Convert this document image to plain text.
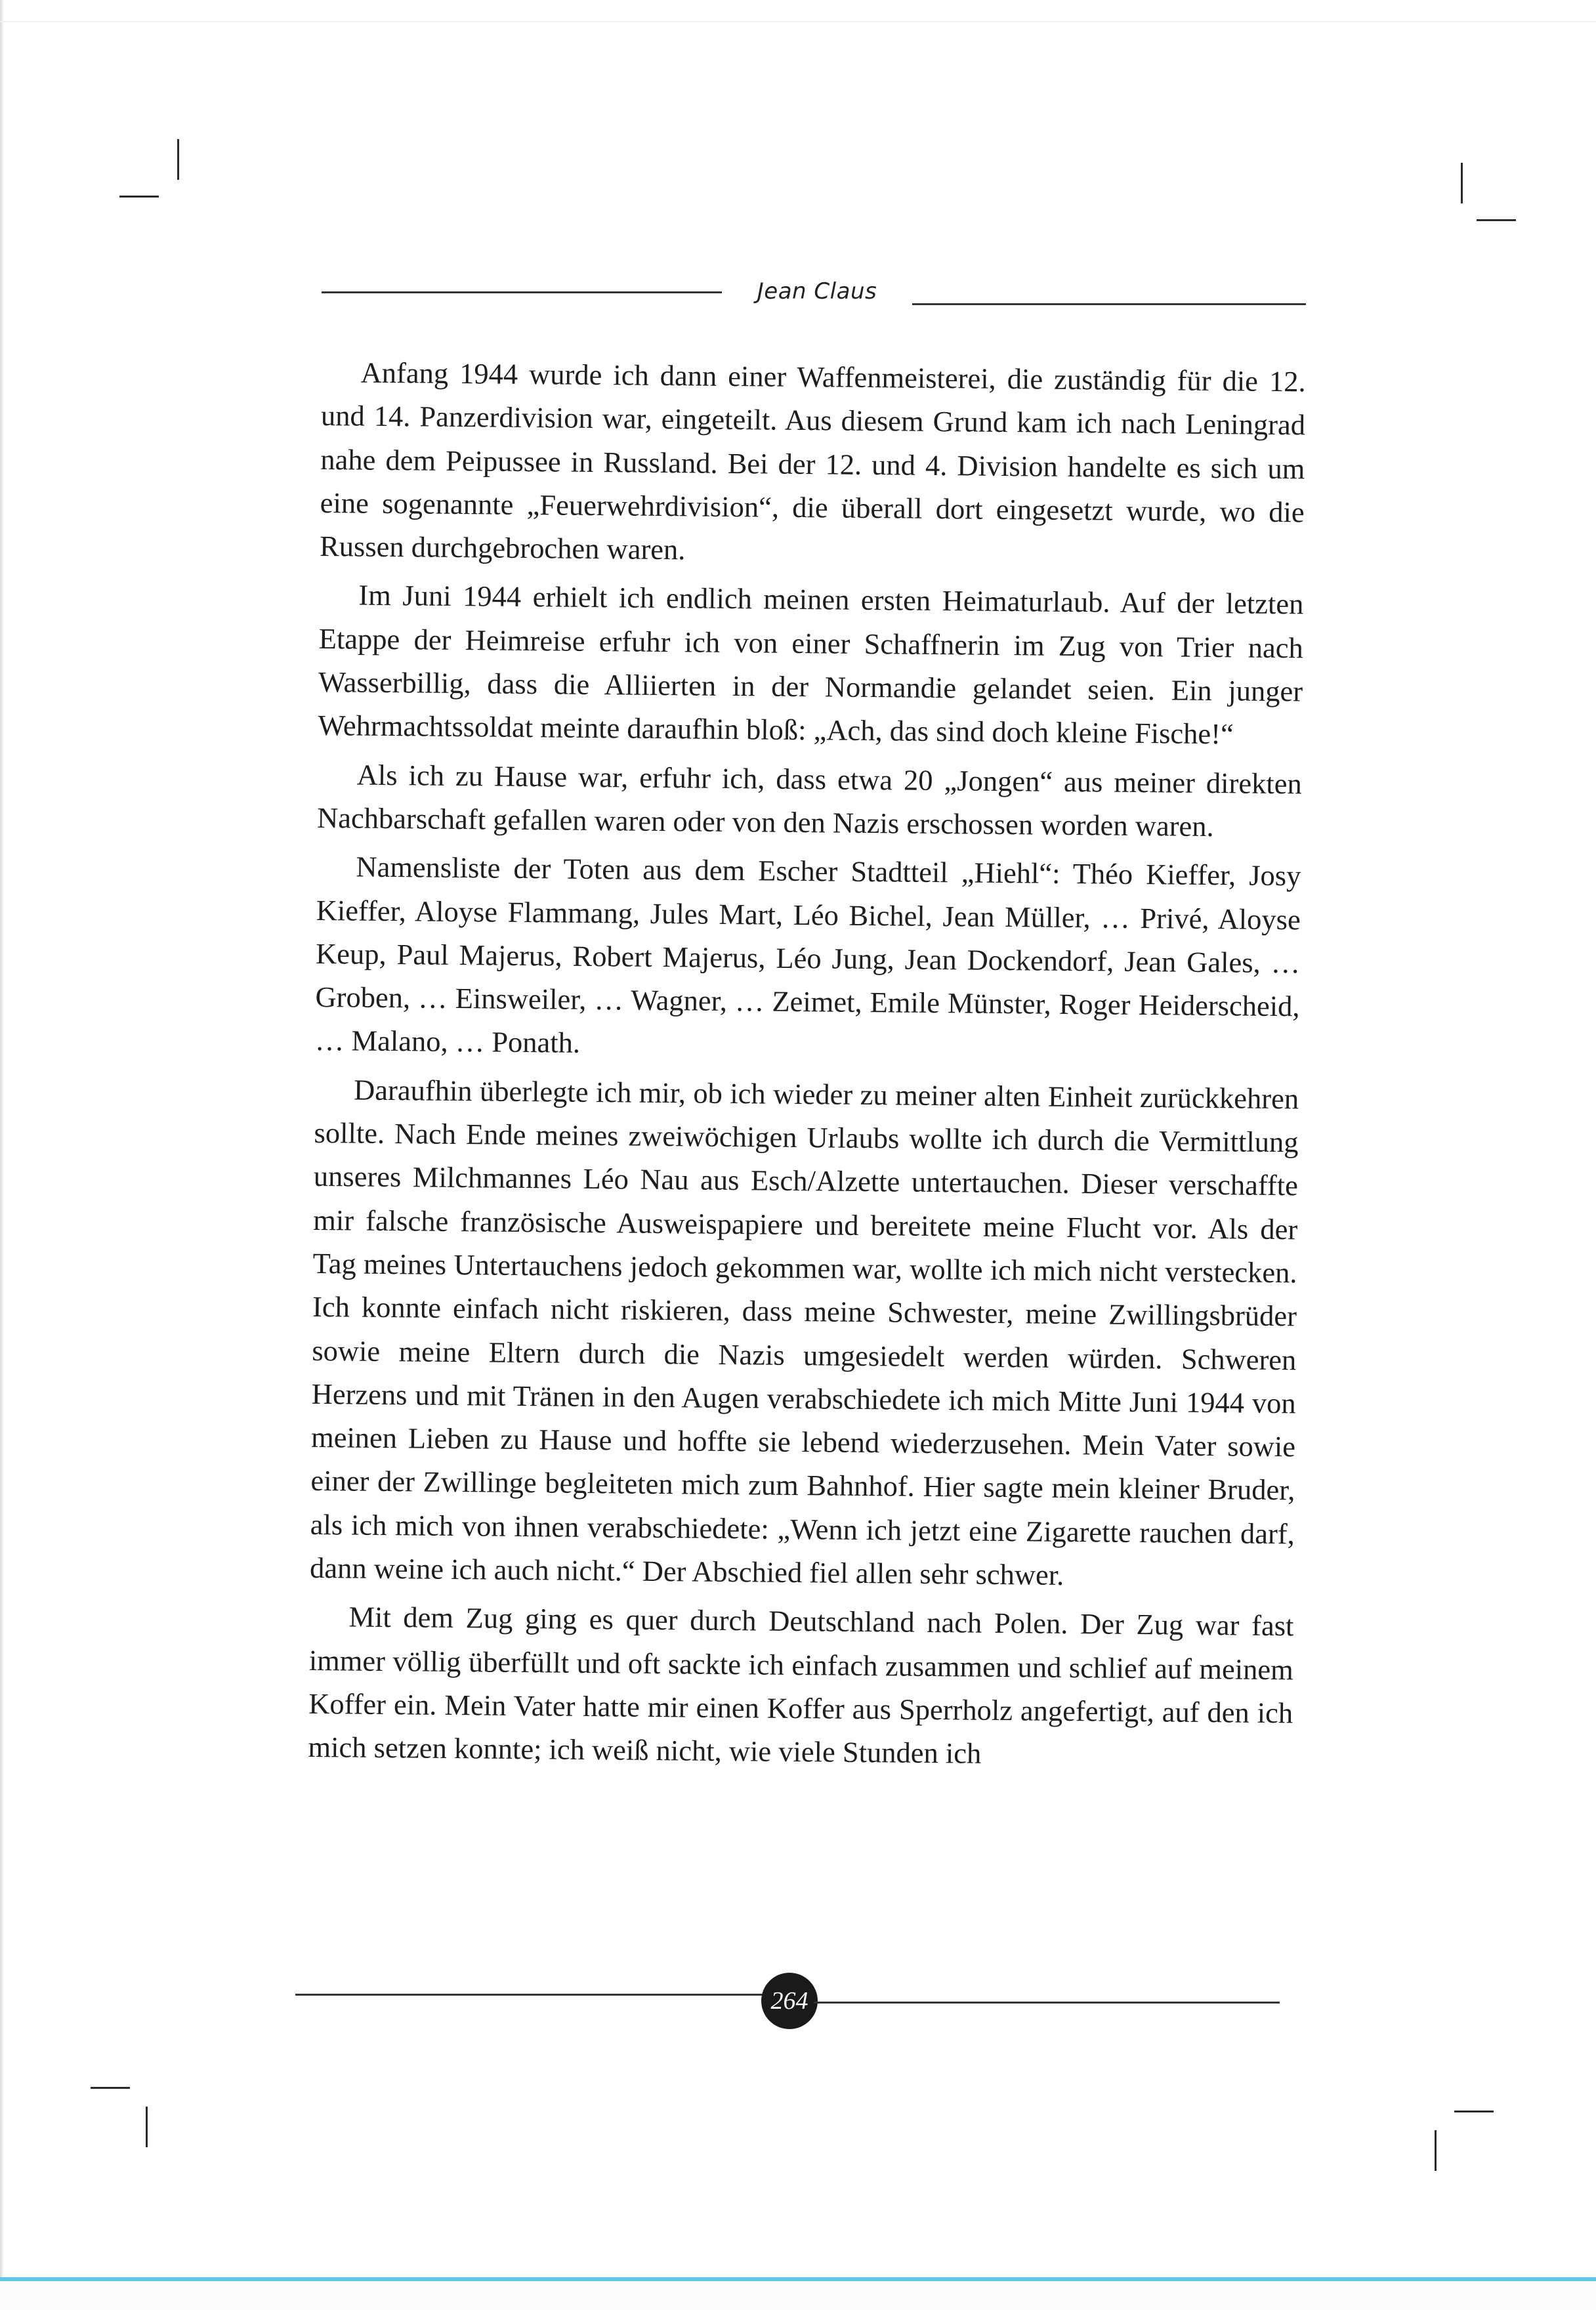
Jean Claus

Anfang 1944 wurde ich dann einer Waffenmeisterei, die zuständig für die 12. und 14. Panzerdivision war, eingeteilt. Aus diesem Grund kam ich nach Leningrad nahe dem Peipussee in Russland. Bei der 12. und 4. Division handelte es sich um eine sogenannte „Feuerwehrdivision“, die überall dort eingesetzt wurde, wo die Russen durchgebrochen waren.

Im Juni 1944 erhielt ich endlich meinen ersten Heimaturlaub. Auf der letzten Etappe der Heimreise erfuhr ich von einer Schaffnerin im Zug von Trier nach Wasserbillig, dass die Alliierten in der Normandie gelandet seien. Ein junger Wehrmachtssoldat meinte daraufhin bloß: „Ach, das sind doch kleine Fische!“

Als ich zu Hause war, erfuhr ich, dass etwa 20 „Jongen“ aus meiner direkten Nachbarschaft gefallen waren oder von den Nazis erschossen worden waren.

Namensliste der Toten aus dem Escher Stadtteil „Hiehl“: Théo Kieffer, Josy Kieffer, Aloyse Flammang, Jules Mart, Léo Bichel, Jean Müller, … Privé, Aloyse Keup, Paul Majerus, Robert Majerus, Léo Jung, Jean Dockendorf, Jean Gales, … Groben, … Einsweiler, … Wagner, … Zeimet, Emile Münster, Roger Heiderscheid, … Malano, … Ponath.

Daraufhin überlegte ich mir, ob ich wieder zu meiner alten Einheit zurückkehren sollte. Nach Ende meines zweiwöchigen Urlaubs wollte ich durch die Vermittlung unseres Milchmannes Léo Nau aus Esch/Alzette untertauchen. Dieser verschaffte mir falsche französische Ausweispapiere und bereitete meine Flucht vor. Als der Tag meines Untertauchens jedoch gekommen war, wollte ich mich nicht verstecken. Ich konnte einfach nicht riskieren, dass meine Schwester, meine Zwillingsbrüder sowie meine Eltern durch die Nazis umgesiedelt werden würden. Schweren Herzens und mit Tränen in den Augen verabschiedete ich mich Mitte Juni 1944 von meinen Lieben zu Hause und hoffte sie lebend wiederzusehen. Mein Vater sowie einer der Zwillinge begleiteten mich zum Bahnhof. Hier sagte mein kleiner Bruder, als ich mich von ihnen verabschiedete: „Wenn ich jetzt eine Zigarette rauchen darf, dann weine ich auch nicht.“ Der Abschied fiel allen sehr schwer.

Mit dem Zug ging es quer durch Deutschland nach Polen. Der Zug war fast immer völlig überfüllt und oft sackte ich einfach zusammen und schlief auf meinem Koffer ein. Mein Vater hatte mir einen Koffer aus Sperrholz angefertigt, auf den ich mich setzen konnte; ich weiß nicht, wie viele Stunden ich

264
